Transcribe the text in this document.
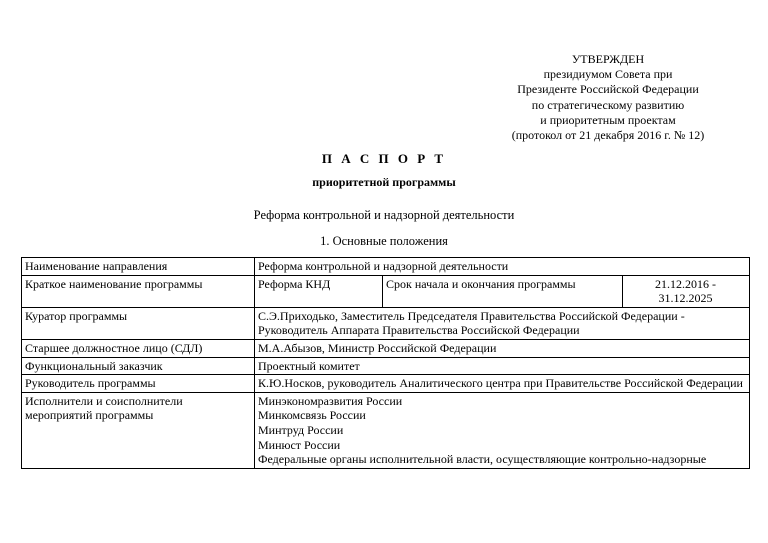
УТВЕРЖДЕН
президиумом Совета при
Президенте Российской Федерации
по стратегическому развитию
и приоритетным проектам
(протокол от 21 декабря 2016 г. № 12)
П А С П О Р Т
приоритетной программы
Реформа контрольной и надзорной деятельности
1. Основные положения
Наименование направления	Реформа контрольной и надзорной деятельности		
Краткое наименование программы	Реформа КНД	Срок начала и окончания программы	21.12.2016 -
31.12.2025

Куратор программы	С.Э.Приходько, Заместитель Председателя Правительства Российской Федерации - Руководитель Аппарата Правительства Российской Федерации		
Старшее должностное лицо (СДЛ)	М.А.Абызов, Министр Российской Федерации		
Функциональный заказчик	Проектный комитет		
Руководитель программы	К.Ю.Носков, руководитель Аналитического центра при Правительстве Российской Федерации		
Исполнители и соисполнители мероприятий программы	Минэкономразвития России
Минкомсвязь России
Минтруд России
Минюст России
Федеральные органы исполнительной власти, осуществляющие контрольно-надзорные		
